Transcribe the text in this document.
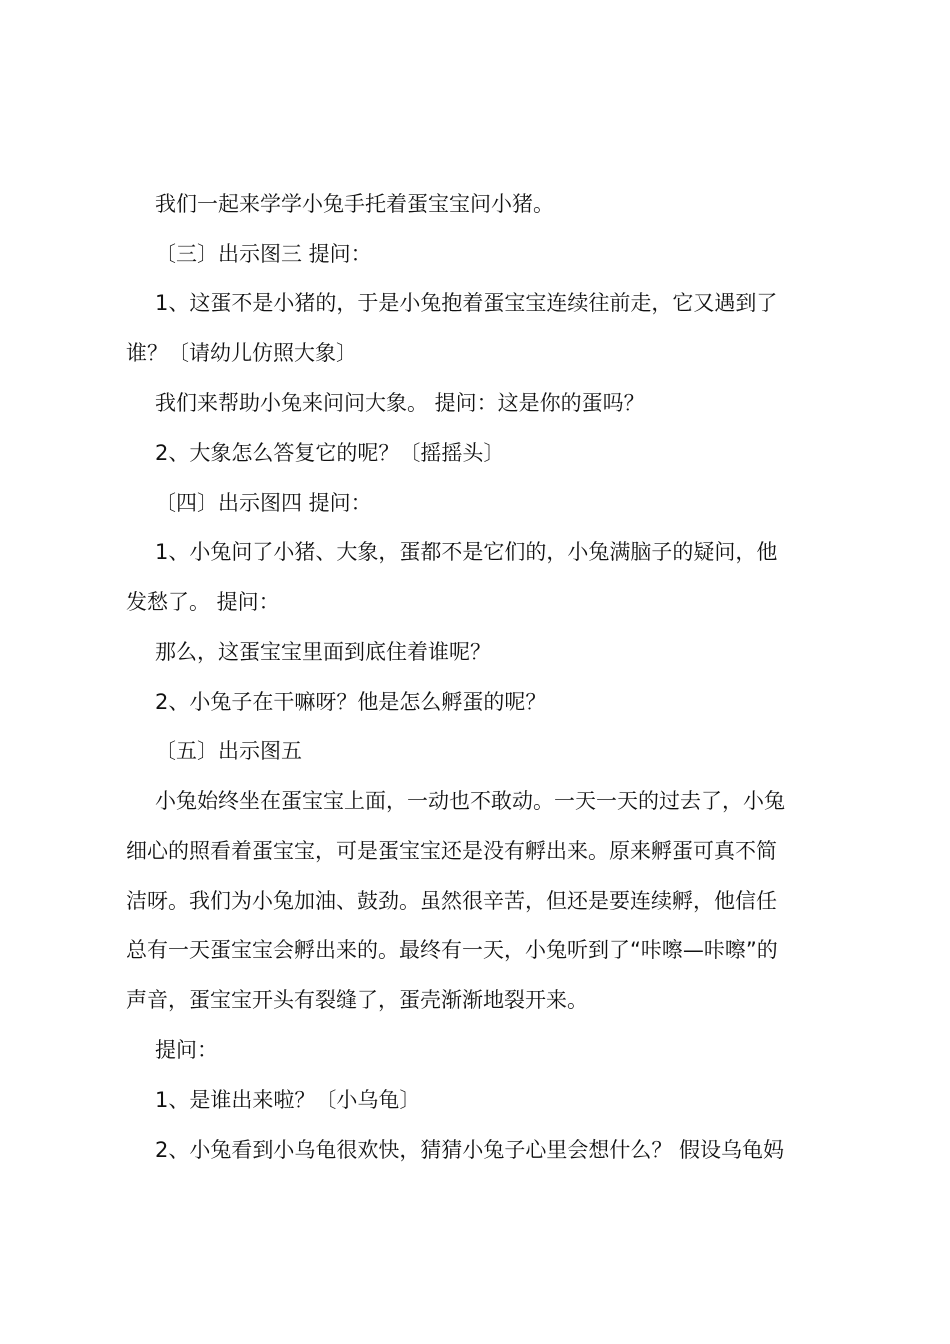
我们一起来学学小兔手托着蛋宝宝问小猪。
〔三〕出示图三 提问：
1、这蛋不是小猪的，于是小兔抱着蛋宝宝连续往前走，它又遇到了
谁？〔请幼儿仿照大象〕
我们来帮助小兔来问问大象。 提问：这是你的蛋吗？
2、大象怎么答复它的呢？〔摇摇头〕
〔四〕出示图四 提问：
1、小兔问了小猪、大象，蛋都不是它们的，小兔满脑子的疑问，他
发愁了。 提问：
那么，这蛋宝宝里面到底住着谁呢？
2、小兔子在干嘛呀？他是怎么孵蛋的呢？
〔五〕出示图五
小兔始终坐在蛋宝宝上面，一动也不敢动。一天一天的过去了，小兔
细心的照看着蛋宝宝，可是蛋宝宝还是没有孵出来。原来孵蛋可真不简
洁呀。我们为小兔加油、鼓劲。虽然很辛苦，但还是要连续孵，他信任
总有一天蛋宝宝会孵出来的。最终有一天，小兔听到了“咔嚓—咔嚓”的
声音，蛋宝宝开头有裂缝了，蛋壳渐渐地裂开来。
提问：
1、是谁出来啦？〔小乌龟〕
2、小兔看到小乌龟很欢快，猜猜小兔子心里会想什么？ 假设乌龟妈
